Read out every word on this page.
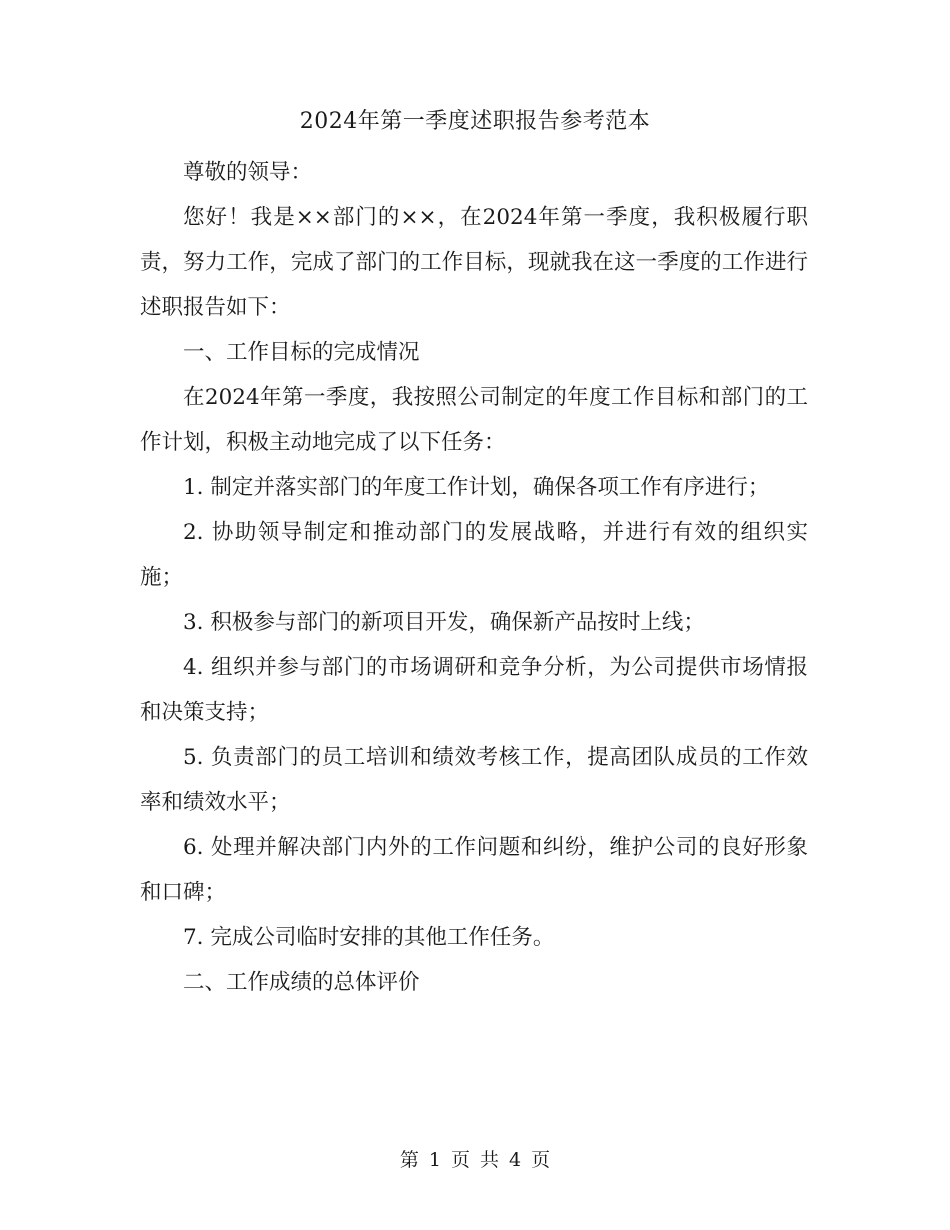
2024年第一季度述职报告参考范本

尊敬的领导：

您好！我是××部门的××，在2024年第一季度，我积极履行职责，努力工作，完成了部门的工作目标，现就我在这一季度的工作进行述职报告如下：

一、工作目标的完成情况

在2024年第一季度，我按照公司制定的年度工作目标和部门的工作计划，积极主动地完成了以下任务：

1. 制定并落实部门的年度工作计划，确保各项工作有序进行；

2. 协助领导制定和推动部门的发展战略，并进行有效的组织实施；

3. 积极参与部门的新项目开发，确保新产品按时上线；

4. 组织并参与部门的市场调研和竞争分析，为公司提供市场情报和决策支持；

5. 负责部门的员工培训和绩效考核工作，提高团队成员的工作效率和绩效水平；

6. 处理并解决部门内外的工作问题和纠纷，维护公司的良好形象和口碑；

7. 完成公司临时安排的其他工作任务。

二、工作成绩的总体评价

第 1 页 共 4 页
